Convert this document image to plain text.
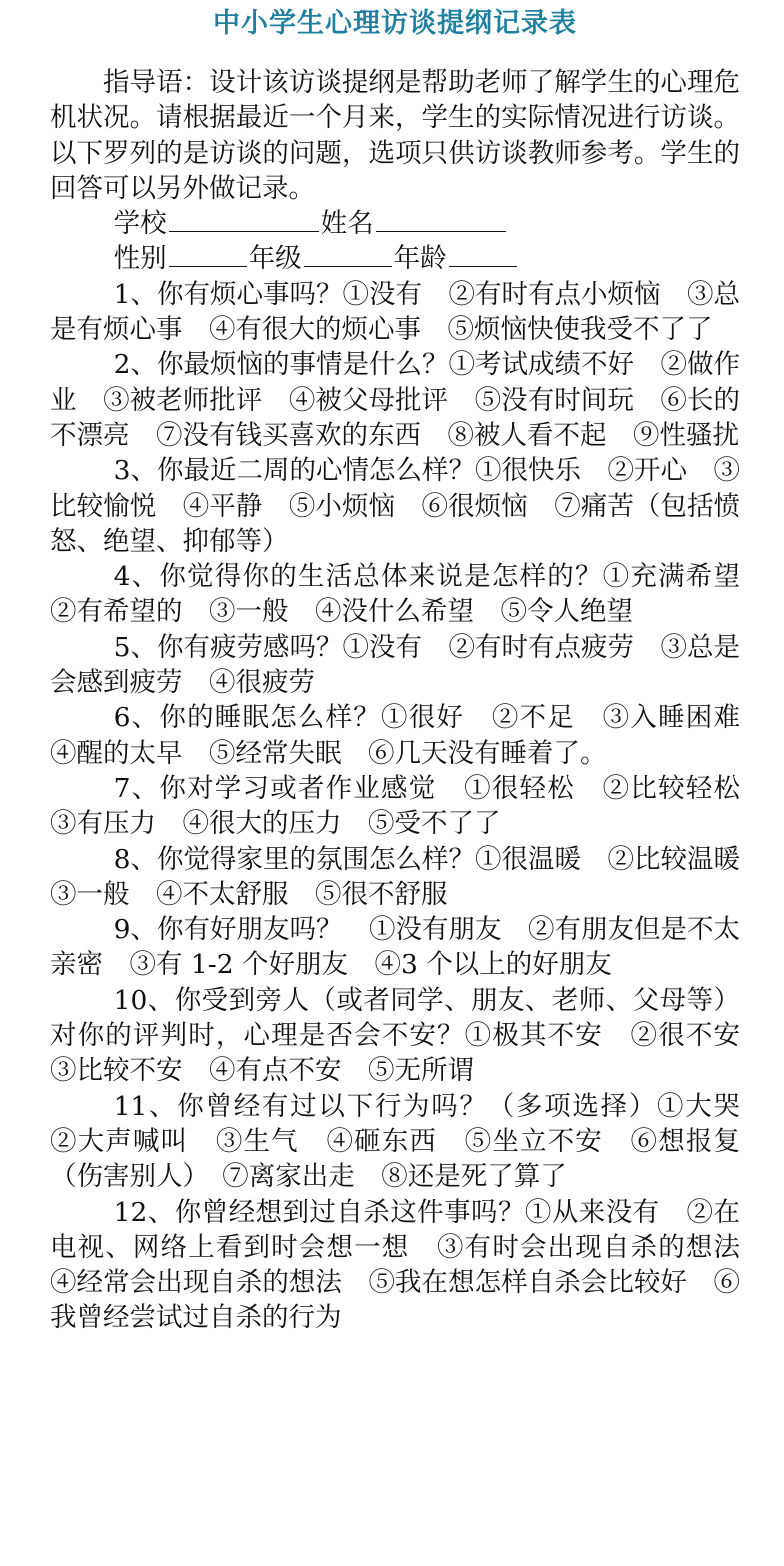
中小学生心理访谈提纲记录表

指导语：设计该访谈提纲是帮助老师了解学生的心理危机状况。请根据最近一个月来，学生的实际情况进行访谈。以下罗列的是访谈的问题，选项只供访谈教师参考。学生的回答可以另外做记录。

学校	姓名
性别	年级	年龄

1、你有烦心事吗？①没有　②有时有点小烦恼　③总是有烦心事　④有很大的烦心事　⑤烦恼快使我受不了了

2、你最烦恼的事情是什么？①考试成绩不好　②做作业　③被老师批评　④被父母批评　⑤没有时间玩　⑥长的不漂亮　⑦没有钱买喜欢的东西　⑧被人看不起　⑨性骚扰

3、你最近二周的心情怎么样？①很快乐　②开心　③比较愉悦　④平静　⑤小烦恼　⑥很烦恼　⑦痛苦（包括愤怒、绝望、抑郁等）

4、你觉得你的生活总体来说是怎样的？①充满希望　②有希望的　③一般　④没什么希望　⑤令人绝望

5、你有疲劳感吗？①没有　②有时有点疲劳　③总是会感到疲劳　④很疲劳

6、你的睡眠怎么样？①很好　②不足　③入睡困难　④醒的太早　⑤经常失眠　⑥几天没有睡着了。

7、你对学习或者作业感觉　①很轻松　②比较轻松　③有压力　④很大的压力　⑤受不了了

8、你觉得家里的氛围怎么样？①很温暖　②比较温暖　③一般　④不太舒服　⑤很不舒服

9、你有好朋友吗？　①没有朋友　②有朋友但是不太亲密　③有 1-2 个好朋友　④3 个以上的好朋友

10、你受到旁人（或者同学、朋友、老师、父母等）对你的评判时，心理是否会不安？①极其不安　②很不安　③比较不安　④有点不安　⑤无所谓

11、你曾经有过以下行为吗？（多项选择）①大哭　②大声喊叫　③生气　④砸东西　⑤坐立不安　⑥想报复（伤害别人）　⑦离家出走　⑧还是死了算了

12、你曾经想到过自杀这件事吗？①从来没有　②在电视、网络上看到时会想一想　③有时会出现自杀的想法　④经常会出现自杀的想法　⑤我在想怎样自杀会比较好　⑥我曾经尝试过自杀的行为
